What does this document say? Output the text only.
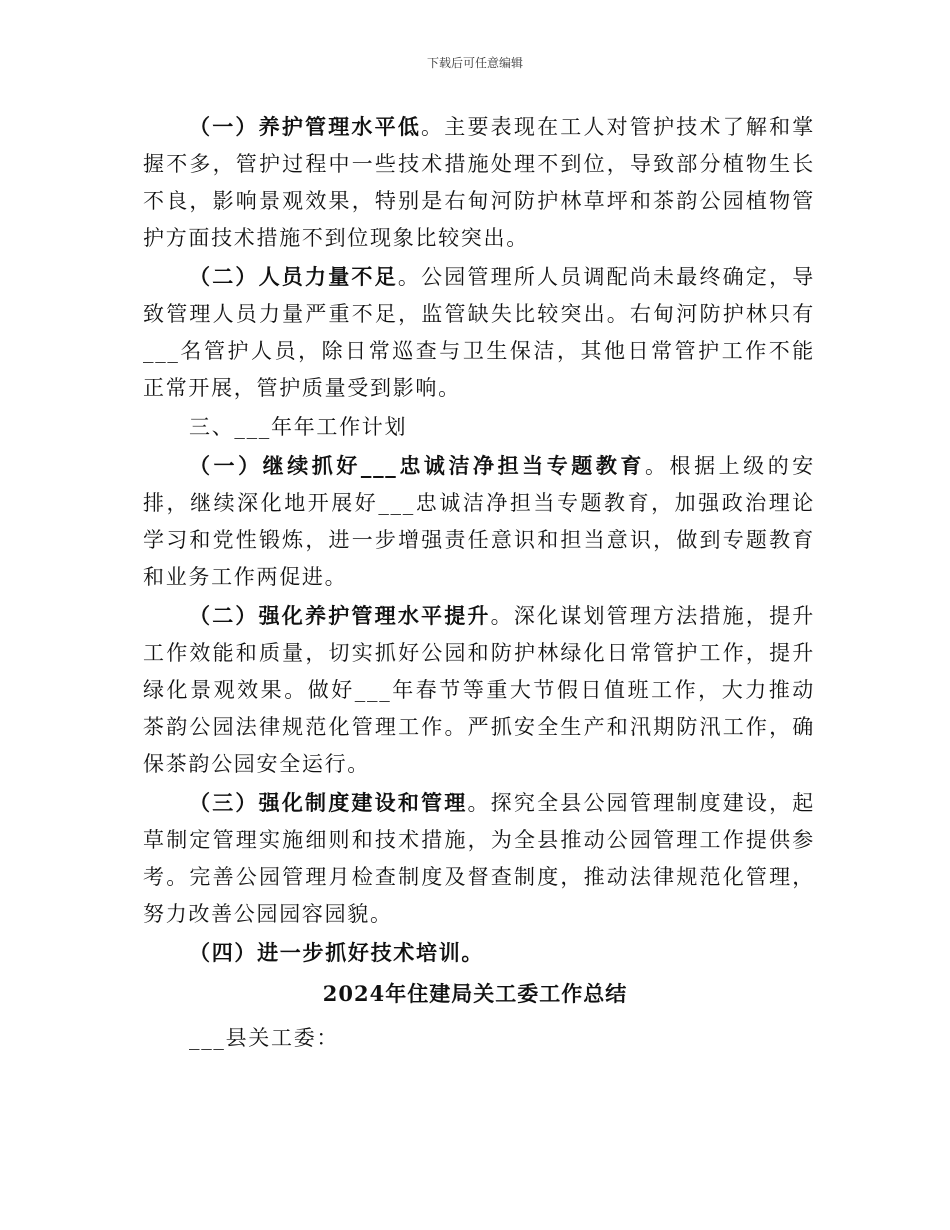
下载后可任意编辑

（一）养护管理水平低。主要表现在工人对管护技术了解和掌握不多，管护过程中一些技术措施处理不到位，导致部分植物生长不良，影响景观效果，特别是右甸河防护林草坪和茶韵公园植物管护方面技术措施不到位现象比较突出。

（二）人员力量不足。公园管理所人员调配尚未最终确定，导致管理人员力量严重不足，监管缺失比较突出。右甸河防护林只有___名管护人员，除日常巡查与卫生保洁，其他日常管护工作不能正常开展，管护质量受到影响。

三、___年年工作计划

（一）继续抓好___忠诚洁净担当专题教育。根据上级的安排，继续深化地开展好___忠诚洁净担当专题教育，加强政治理论学习和党性锻炼，进一步增强责任意识和担当意识，做到专题教育和业务工作两促进。

（二）强化养护管理水平提升。深化谋划管理方法措施，提升工作效能和质量，切实抓好公园和防护林绿化日常管护工作，提升绿化景观效果。做好___年春节等重大节假日值班工作，大力推动茶韵公园法律规范化管理工作。严抓安全生产和汛期防汛工作，确保茶韵公园安全运行。

（三）强化制度建设和管理。探究全县公园管理制度建设，起草制定管理实施细则和技术措施，为全县推动公园管理工作提供参考。完善公园管理月检查制度及督查制度，推动法律规范化管理，努力改善公园园容园貌。

（四）进一步抓好技术培训。

2024年住建局关工委工作总结
___县关工委：
